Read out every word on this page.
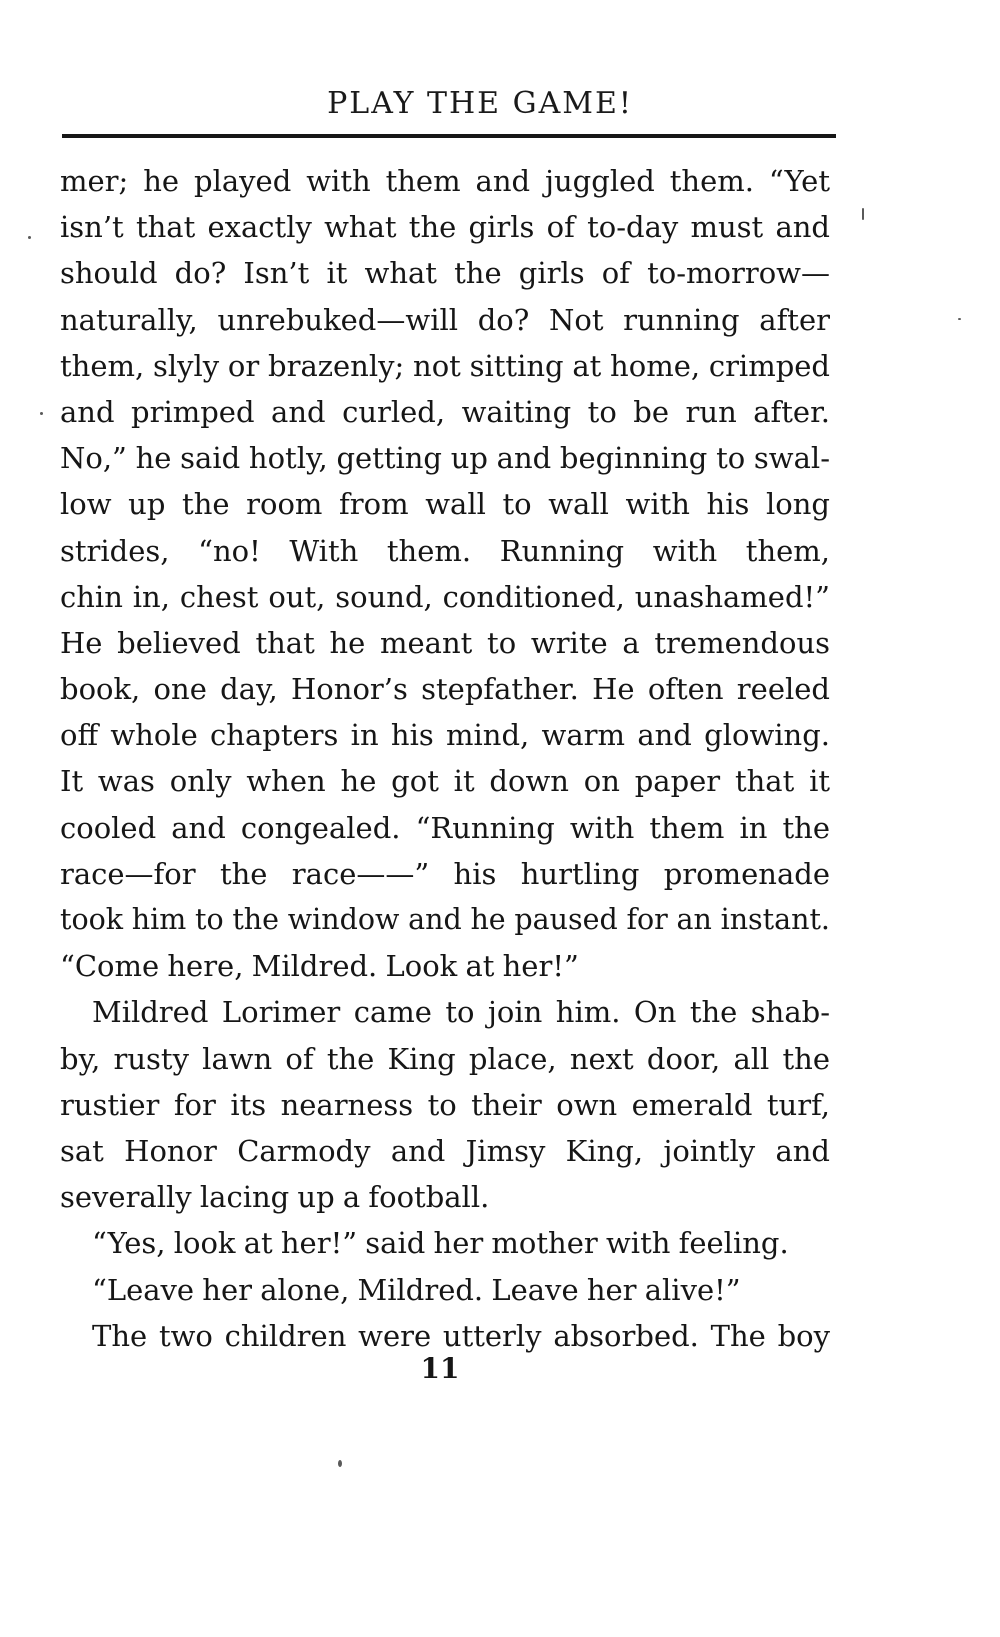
PLAY THE GAME!
mer; he played with them and juggled them. “Yet
isn’t that exactly what the girls of to-day must and
should do? Isn’t it what the girls of to-morrow—
naturally, unrebuked—will do? Not running after
them, slyly or brazenly; not sitting at home, crimped
and primped and curled, waiting to be run after.
No,” he said hotly, getting up and beginning to swal-
low up the room from wall to wall with his long
strides, “no! With them. Running with them,
chin in, chest out, sound, conditioned, unashamed!”
He believed that he meant to write a tremendous
book, one day, Honor’s stepfather. He often reeled
off whole chapters in his mind, warm and glowing.
It was only when he got it down on paper that it
cooled and congealed. “Running with them in the
race—for the race——” his hurtling promenade
took him to the window and he paused for an instant.
“Come here, Mildred. Look at her!”
Mildred Lorimer came to join him. On the shab-
by, rusty lawn of the King place, next door, all the
rustier for its nearness to their own emerald turf,
sat Honor Carmody and Jimsy King, jointly and
severally lacing up a football.
“Yes, look at her!” said her mother with feeling.
“Leave her alone, Mildred. Leave her alive!”
The two children were utterly absorbed. The boy
11
